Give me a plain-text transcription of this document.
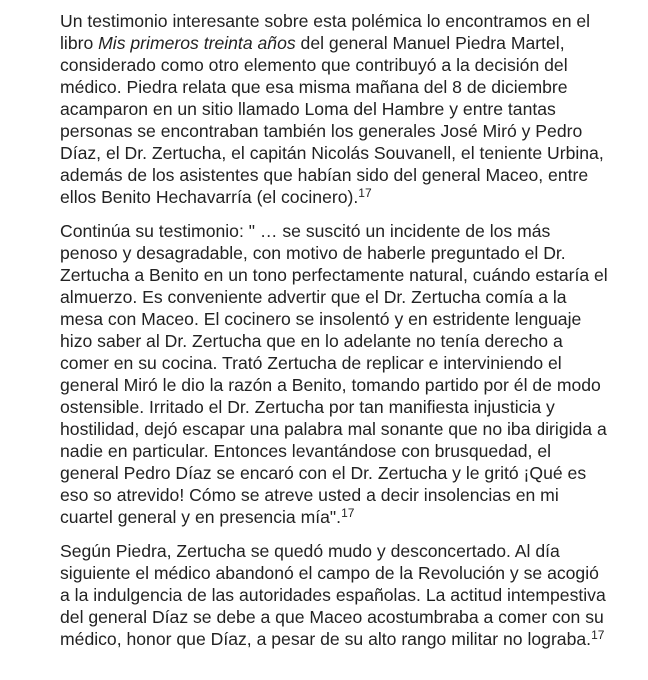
Un testimonio interesante sobre esta polémica lo encontramos en el libro Mis primeros treinta años del general Manuel Piedra Martel, considerado como otro elemento que contribuyó a la decisión del médico. Piedra relata que esa misma mañana del 8 de diciembre acamparon en un sitio llamado Loma del Hambre y entre tantas personas se encontraban también los generales José Miró y Pedro Díaz, el Dr. Zertucha, el capitán Nicolás Souvanell, el teniente Urbina, además de los asistentes que habían sido del general Maceo, entre ellos Benito Hechavarría (el cocinero).$^{17}$

Continúa su testimonio: " … se suscitó un incidente de los más penoso y desagradable, con motivo de haberle preguntado el Dr. Zertucha a Benito en un tono perfectamente natural, cuándo estaría el almuerzo. Es conveniente advertir que el Dr. Zertucha comía a la mesa con Maceo. El cocinero se insolentó y en estridente lenguaje hizo saber al Dr. Zertucha que en lo adelante no tenía derecho a comer en su cocina. Trató Zertucha de replicar e interviniendo el general Miró le dio la razón a Benito, tomando partido por él de modo ostensible. Irritado el Dr. Zertucha por tan manifiesta injusticia y hostilidad, dejó escapar una palabra mal sonante que no iba dirigida a nadie en particular. Entonces levantándose con brusquedad, el general Pedro Díaz se encaró con el Dr. Zertucha y le gritó ¡Qué es eso so atrevido! Cómo se atreve usted a decir insolencias en mi cuartel general y en presencia mía".$^{17}$

Según Piedra, Zertucha se quedó mudo y desconcertado. Al día siguiente el médico abandonó el campo de la Revolución y se acogió a la indulgencia de las autoridades españolas. La actitud intempestiva del general Díaz se debe a que Maceo acostumbraba a comer con su médico, honor que Díaz, a pesar de su alto rango militar no lograba.$^{17}$
